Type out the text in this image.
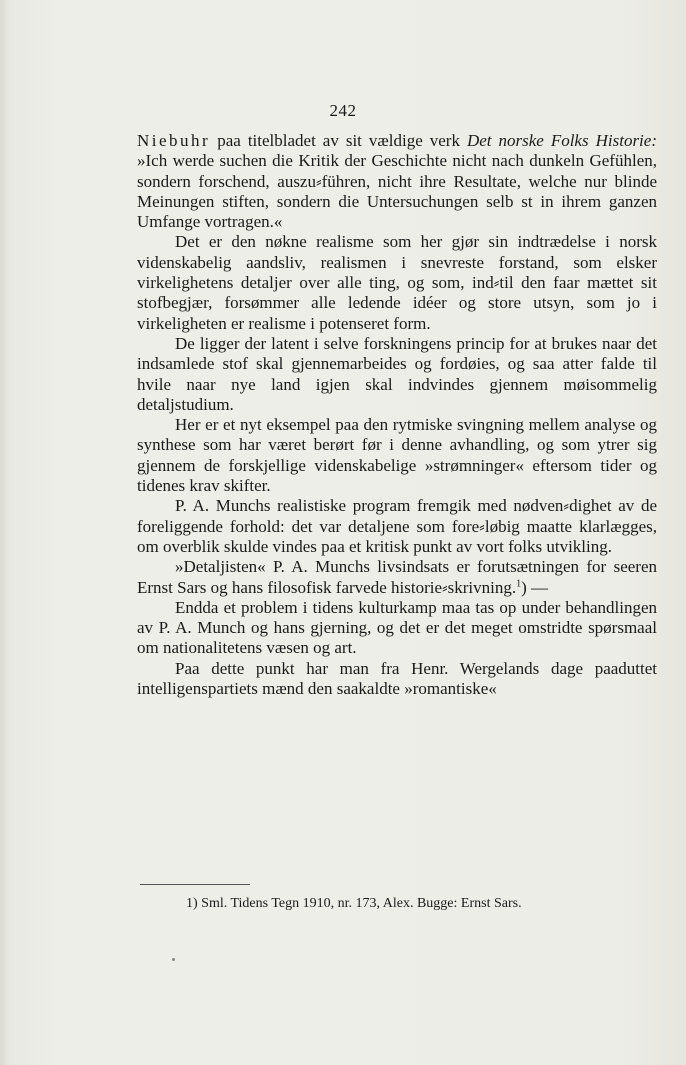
242

Niebuhr paa titelbladet av sit vældige verk Det norske Folks Historie: »Ich werde suchen die Kritik der Geschichte nicht nach dunkeln Gefühlen, sondern forschend, auszu⸗führen, nicht ihre Resultate, welche nur blinde Meinungen stiften, sondern die Untersuchungen selb st in ihrem ganzen Umfange vortragen.«

Det er den nøkne realisme som her gjør sin indtrædelse i norsk videnskabelig aandsliv, realismen i snevreste forstand, som elsker virkelighetens detaljer over alle ting, og som, ind⸗til den faar mættet sit stofbegjær, forsømmer alle ledende idéer og store utsyn, som jo i virkeligheten er realisme i potenseret form.

De ligger der latent i selve forskningens princip for at brukes naar det indsamlede stof skal gjennemarbeides og fordøies, og saa atter falde til hvile naar nye land igjen skal indvindes gjennem møisommelig detaljstudium.

Her er et nyt eksempel paa den rytmiske svingning mellem analyse og synthese som har været berørt før i denne avhandling, og som ytrer sig gjennem de forskjellige videnskabelige »strømninger« eftersom tider og tidenes krav skifter.

P. A. Munchs realistiske program fremgik med nødven⸗dighet av de foreliggende forhold: det var detaljene som fore⸗løbig maatte klarlægges, om overblik skulde vindes paa et kritisk punkt av vort folks utvikling.

»Detaljisten« P. A. Munchs livsindsats er forutsætningen for seeren Ernst Sars og hans filosofisk farvede historie⸗skrivning.$^1$) —

Endda et problem i tidens kulturkamp maa tas op under behandlingen av P. A. Munch og hans gjerning, og det er det meget omstridte spørsmaal om nationalitetens væsen og art.

Paa dette punkt har man fra Henr. Wergelands dage paaduttet intelligenspartiets mænd den saakaldte »romantiske«

1) Sml. Tidens Tegn 1910, nr. 173, Alex. Bugge: Ernst Sars.
